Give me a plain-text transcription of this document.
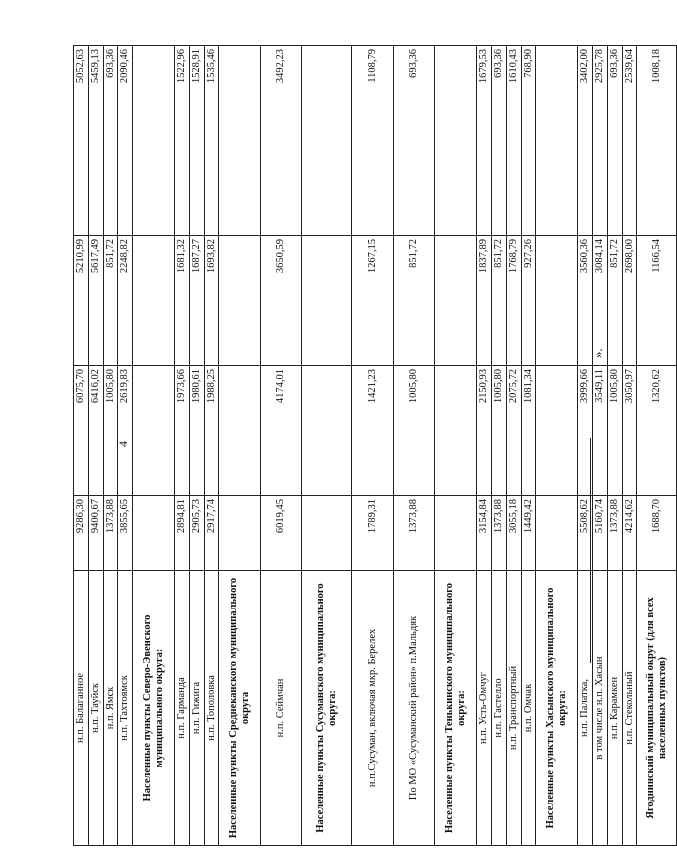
4
н.п. Балаганное	9286,30	6075,70	5210,99	5052,63
н.п. Тауйск	9400,67	6416,02	5617,49	5459,13
н.п. Ямск	1373,88	1005,80	851,72	693,36
н.п. Тахтоямск	3855,65	2619,83	2248,82	2090,46
Населенные пункты Северо-Эвенского муниципального округа:				
н.п. Гарманда	2894,81	1973,66	1681,32	1522,96
н.п. Гижига	2905,73	1980,61	1687,27	1528,91
н.п. Тополовка	2917,74	1988,25	1693,82	1535,46
Населенные пункты Среднеканского муниципального округа				
н.п. Сеймчан	6019,45	4174,01	3650,59	3492,23
Населенные пункты Сусуманского муниципального округа:				
н.п.Сусуман, включая мкр. Берелех	1789,31	1421,23	1267,15	1108,79
По МО «Сусуманский район» п.Мальдяк	1373,88	1005,80	851,72	693,36
Населенные пункты Тенькинского муниципального округа:				
н.п. Усть-Омчуг	3154,84	2150,93	1837,89	1679,53
н.п. Гастелло	1373,88	1005,80	851,72	693,36
н.п. Транспортный	3055,18	2075,72	1768,79	1610,43
н.п. Омчак	1449,42	1081,34	927,26	768,90
Населенные пункты Хасынского муниципального округа:				
н.п. Палатка,	5508,62	3999,66	3560,36	3402,00
в том числе н.п. Хасын	5160,74	3549,11	3084,14	2925,78
н.п. Карамкен	1373,88	1005,80	851,72	693,36
н.п. Стекольный	4214,62	3050,97	2698,00	2539,64
Ягоднинский муниципальный округ (для всех населенных пунктов)	1688,70	1320,62	1166,54	1008,18
».
